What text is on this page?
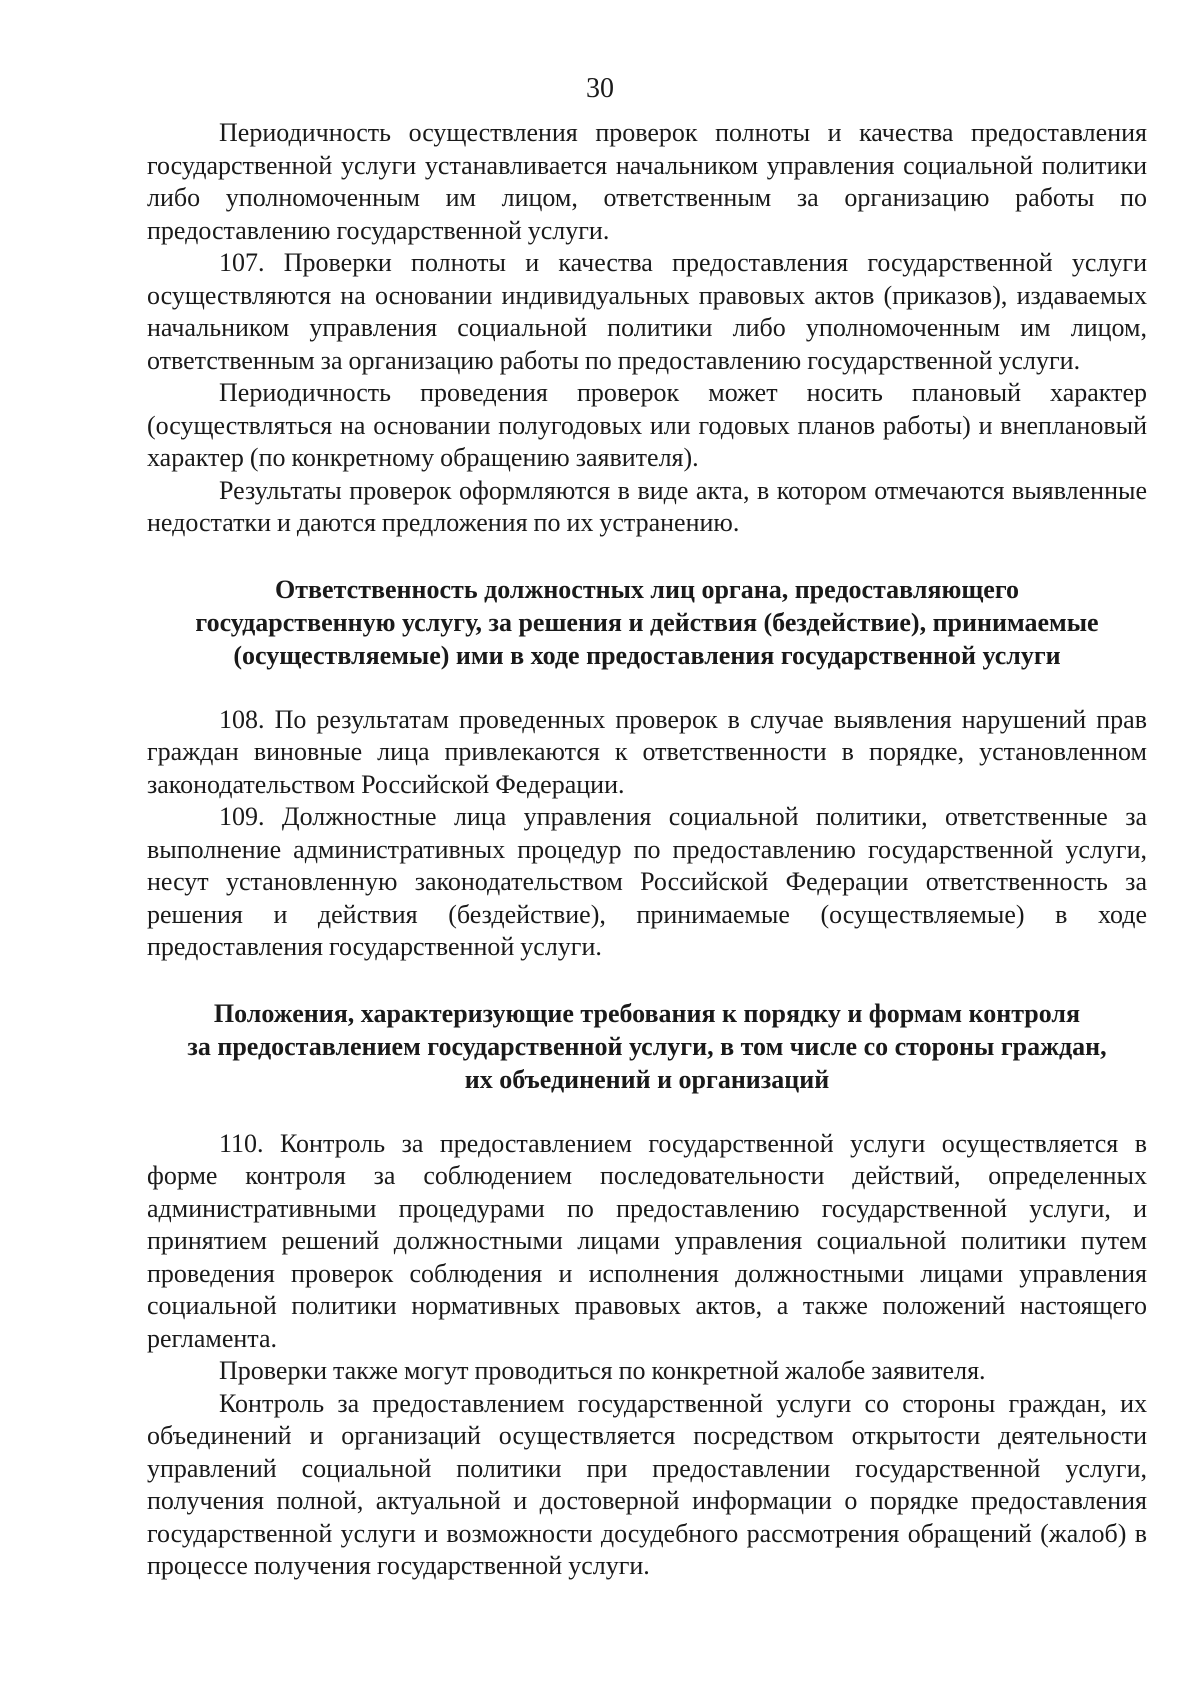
30

Периодичность осуществления проверок полноты и качества предоставления государственной услуги устанавливается начальником управления социальной политики либо уполномоченным им лицом, ответственным за организацию работы по предоставлению государственной услуги.

107. Проверки полноты и качества предоставления государственной услуги осуществляются на основании индивидуальных правовых актов (приказов), издаваемых начальником управления социальной политики либо уполномоченным им лицом, ответственным за организацию работы по предоставлению государственной услуги.

Периодичность проведения проверок может носить плановый характер (осуществляться на основании полугодовых или годовых планов работы) и внеплановый характер (по конкретному обращению заявителя).

Результаты проверок оформляются в виде акта, в котором отмечаются выявленные недостатки и даются предложения по их устранению.

Ответственность должностных лиц органа, предоставляющего
государственную услугу, за решения и действия (бездействие), принимаемые
(осуществляемые) ими в ходе предоставления государственной услуги

108. По результатам проведенных проверок в случае выявления нарушений прав граждан виновные лица привлекаются к ответственности в порядке, установленном законодательством Российской Федерации.

109. Должностные лица управления социальной политики, ответственные за выполнение административных процедур по предоставлению государственной услуги, несут установленную законодательством Российской Федерации ответственность за решения и действия (бездействие), принимаемые (осуществляемые) в ходе предоставления государственной услуги.

Положения, характеризующие требования к порядку и формам контроля
за предоставлением государственной услуги, в том числе со стороны граждан,
их объединений и организаций

110. Контроль за предоставлением государственной услуги осуществляется в форме контроля за соблюдением последовательности действий, определенных административными процедурами по предоставлению государственной услуги, и принятием решений должностными лицами управления социальной политики путем проведения проверок соблюдения и исполнения должностными лицами управления социальной политики нормативных правовых актов, а также положений настоящего регламента.

Проверки также могут проводиться по конкретной жалобе заявителя.

Контроль за предоставлением государственной услуги со стороны граждан, их объединений и организаций осуществляется посредством открытости деятельности управлений социальной политики при предоставлении государственной услуги, получения полной, актуальной и достоверной информации о порядке предоставления государственной услуги и возможности досудебного рассмотрения обращений (жалоб) в процессе получения государственной услуги.
